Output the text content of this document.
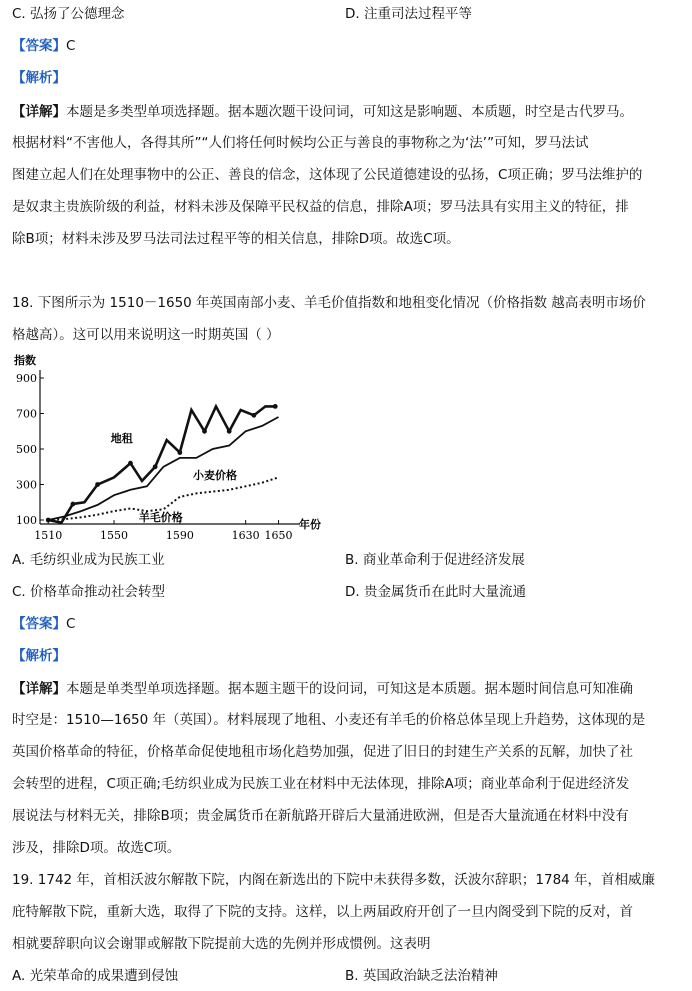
C. 弘扬了公德理念	D. 注重司法过程平等
【答案】C
【解析】
【详解】本题是多类型单项选择题。据本题次题干设问词，可知这是影响题、本质题，时空是古代罗马。
根据材料“不害他人，各得其所”“人们将任何时候均公正与善良的事物称之为‘法’”可知，罗马法试
图建立起人们在处理事物中的公正、善良的信念，这体现了公民道德建设的弘扬，C项正确；罗马法维护的
是奴隶主贵族阶级的利益，材料未涉及保障平民权益的信息，排除A项；罗马法具有实用主义的特征，排
除B项；材料未涉及罗马法司法过程平等的相关信息，排除D项。故选C项。
18. 下图所示为 1510－1650 年英国南部小麦、羊毛价值指数和地租变化情况（价格指数 越高表明市场价
格越高）。这可以用来说明这一时期英国（ ）
指数
年份
100
300
500
700
900
1510	1550	1590	1630 1650
地租
小麦价格
羊毛价格
A. 毛纺织业成为民族工业	B. 商业革命利于促进经济发展
C. 价格革命推动社会转型	D. 贵金属货币在此时大量流通
【答案】C
【解析】
【详解】本题是单类型单项选择题。据本题主题干的设问词，可知这是本质题。据本题时间信息可知准确
时空是：1510—1650 年（英国）。材料展现了地租、小麦还有羊毛的价格总体呈现上升趋势，这体现的是
英国价格革命的特征，价格革命促使地租市场化趋势加强，促进了旧日的封建生产关系的瓦解，加快了社
会转型的进程，C项正确;毛纺织业成为民族工业在材料中无法体现，排除A项；商业革命利于促进经济发
展说法与材料无关，排除B项；贵金属货币在新航路开辟后大量涌进欧洲，但是否大量流通在材料中没有
涉及，排除D项。故选C项。
19. 1742 年，首相沃波尔解散下院，内阁在新选出的下院中未获得多数，沃波尔辞职；1784 年，首相威廉
庇特解散下院，重新大选，取得了下院的支持。这样，以上两届政府开创了一旦内阁受到下院的反对，首
相就要辞职向议会谢罪或解散下院提前大选的先例并形成惯例。这表明
A. 光荣革命的成果遭到侵蚀	B. 英国政治缺乏法治精神
